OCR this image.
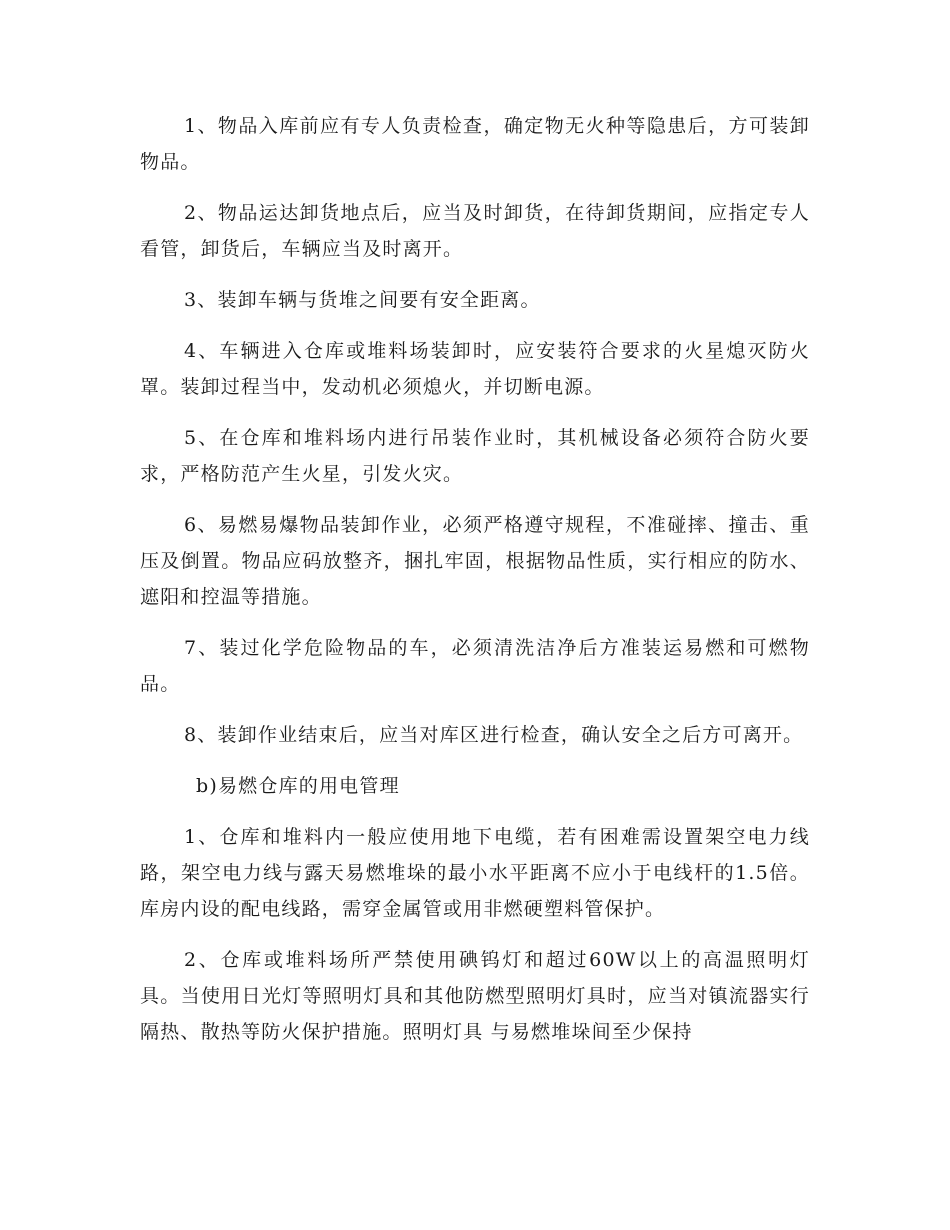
1、物品入库前应有专人负责检查，确定物无火种等隐患后，方可装卸物品。

2、物品运达卸货地点后，应当及时卸货，在待卸货期间，应指定专人看管，卸货后，车辆应当及时离开。

3、装卸车辆与货堆之间要有安全距离。

4、车辆进入仓库或堆料场装卸时，应安装符合要求的火星熄灭防火罩。装卸过程当中，发动机必须熄火，并切断电源。

5、在仓库和堆料场内进行吊装作业时，其机械设备必须符合防火要求，严格防范产生火星，引发火灾。

6、易燃易爆物品装卸作业，必须严格遵守规程，不准碰摔、撞击、重压及倒置。物品应码放整齐，捆扎牢固，根据物品性质，实行相应的防水、遮阳和控温等措施。

7、装过化学危险物品的车，必须清洗洁净后方准装运易燃和可燃物品。

8、装卸作业结束后，应当对库区进行检查，确认安全之后方可离开。

b)易燃仓库的用电管理

1、仓库和堆料内一般应使用地下电缆，若有困难需设置架空电力线路，架空电力线与露天易燃堆垛的最小水平距离不应小于电线杆的1.5倍。库房内设的配电线路，需穿金属管或用非燃硬塑料管保护。

2、仓库或堆料场所严禁使用碘钨灯和超过60W以上的高温照明灯具。当使用日光灯等照明灯具和其他防燃型照明灯具时，应当对镇流器实行隔热、散热等防火保护措施。照明灯具 与易燃堆垛间至少保持
